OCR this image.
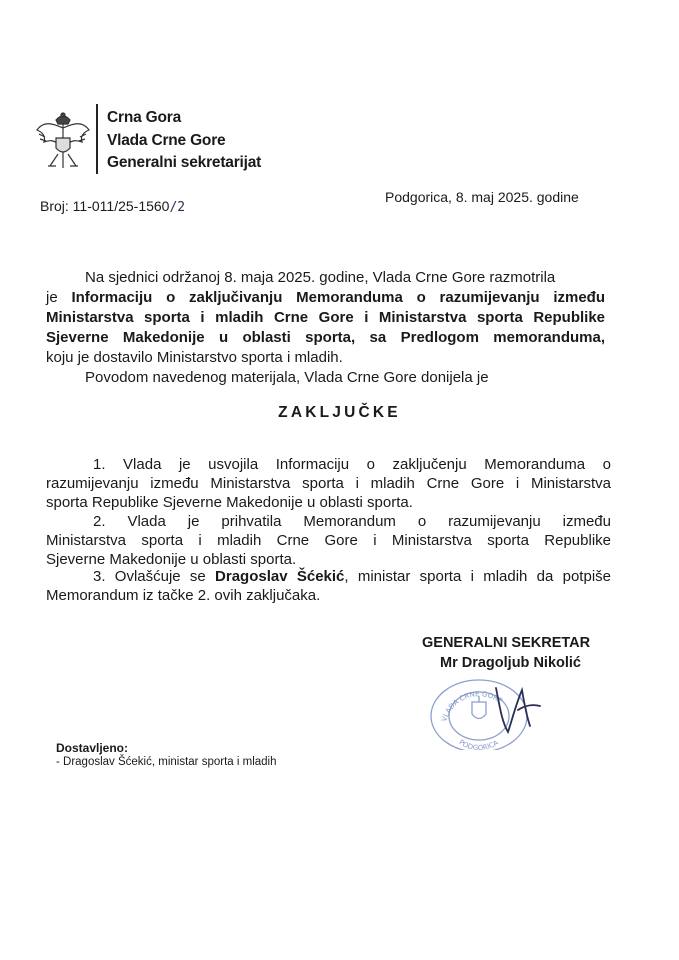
Crna Gora
Vlada Crne Gore
Generalni sekretarijat
Broj: 11-011/25-1560/2
Podgorica, 8. maj 2025. godine
Na sjednici održanoj 8. maja 2025. godine, Vlada Crne Gore razmotrila
je Informaciju o zaključivanju Memoranduma o razumijevanju između
Ministarstva sporta i mladih Crne Gore i Ministarstva sporta Republike
Sjeverne Makedonije u oblasti sporta, sa Predlogom memoranduma,
koju je dostavilo Ministarstvo sporta i mladih.
Povodom navedenog materijala, Vlada Crne Gore donijela je
ZAKLJUČKE
1. Vlada je usvojila Informaciju o zaključenju Memoranduma o
razumijevanju između Ministarstva sporta i mladih Crne Gore i Ministarstva
sporta Republike Sjeverne Makedonije u oblasti sporta.
2. Vlada je prihvatila Memorandum o razumijevanju između
Ministarstva sporta i mladih Crne Gore i Ministarstva sporta Republike
Sjeverne Makedonije u oblasti sporta.
3. Ovlašćuje se Dragoslav Šćekić, ministar sporta i mladih da potpiše
Memorandum iz tačke 2. ovih zaključaka.
GENERALNI SEKRETAR
Mr Dragoljub Nikolić
VLADA CRNE GORE
PODGORICA
Dostavljeno:
- Dragoslav Šćekić, ministar sporta i mladih
